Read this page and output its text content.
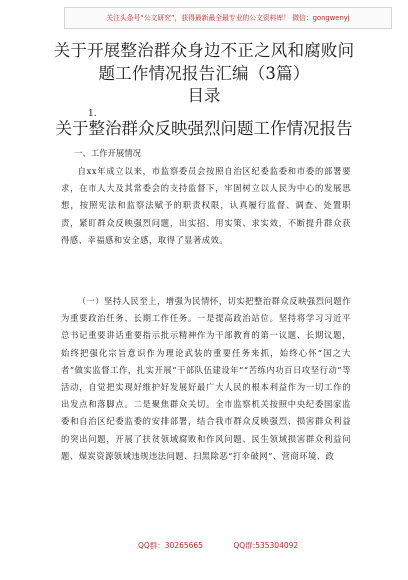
关注头条号“公文研究”，获得最新最全最专业的公文资料库！ 微信：gongwenyj
关于开展整治群众身边不正之风和腐败问
题工作情况报告汇编（3篇）
目录
1.
关于整治群众反映强烈问题工作情况报告
一、工作开展情况
自xx年成立以来，市监察委员会按照自治区纪委监委和市委的部署要求，在市人大及其常委会的支持监督下，牢固树立以人民为中心的发展思想，按照宪法和监察法赋予的职责权限，认真履行监督、调查、处置职责，紧盯群众反映强烈问题，出实招、用实策、求实效，不断提升群众获得感、幸福感和安全感，取得了显著成效。
（一）坚持人民至上，增强为民情怀，切实把整治群众反映强烈问题作为重要政治任务、长期工作任务。一是提高政治站位。坚持将学习习近平总书记重要讲话重要指示批示精神作为干部教育的第一议题、长期议题，始终把强化宗旨意识作为理论武装的重要任务来抓，始终心怀“国之大者”做实监督工作，扎实开展“干部队伍建设年”“苦练内功百日攻坚行动”等活动，自觉把实现好维护好发展好最广大人民的根本利益作为一切工作的出发点和落脚点。二是聚焦群众关切。全市监察机关按照中央纪委国家监委和自治区纪委监委的安排部署，结合我市群众反映强烈、损害群众利益的突出问题，开展了扶贫领域腐败和作风问题、民生领域损害群众利益问题、煤炭资源领域违规违法问题、扫黑除恶“打伞破网”、营商环境、政
QQ群：30265665	QQ群:535304092
